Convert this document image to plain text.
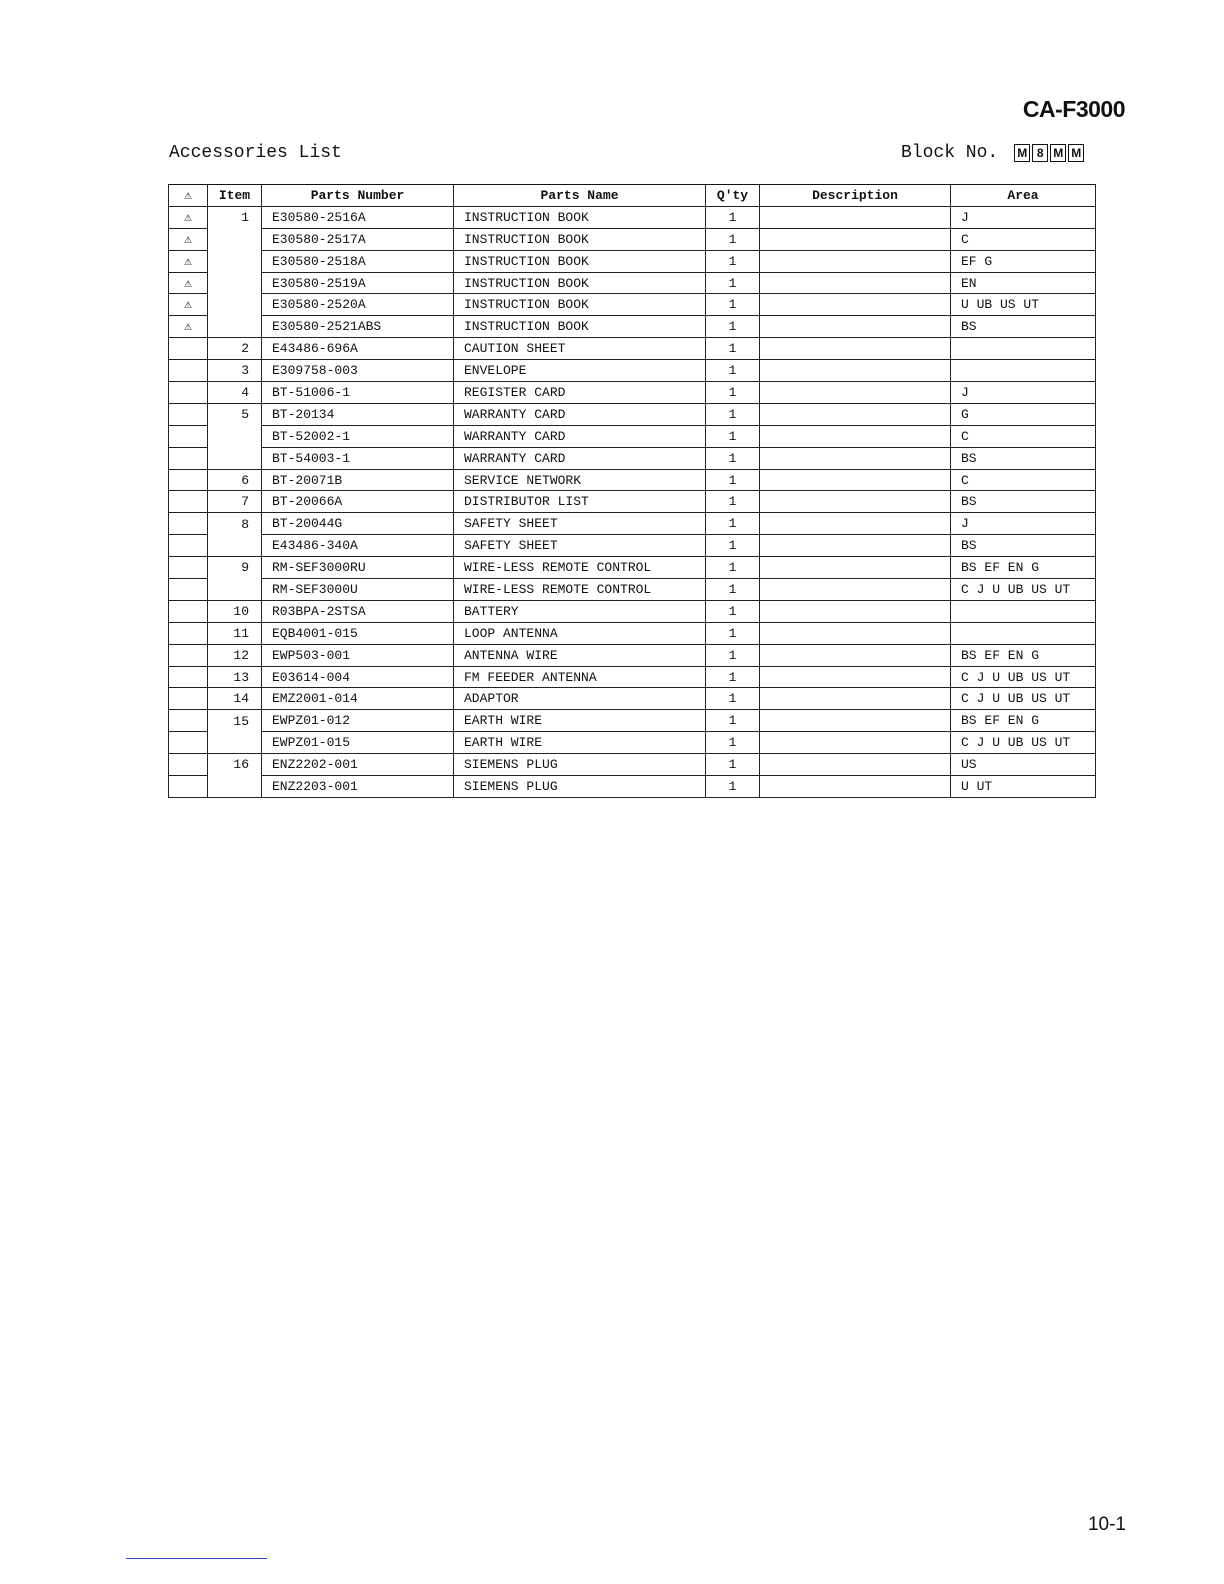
CA-F3000
Accessories List	Block No. M 8 M M
⚠	Item	Parts Number	Parts Name	Q'ty	Description	Area
⚠	1	E30580-2516A	INSTRUCTION BOOK	1		J
⚠		E30580-2517A	INSTRUCTION BOOK	1		C
⚠		E30580-2518A	INSTRUCTION BOOK	1		EF G
⚠		E30580-2519A	INSTRUCTION BOOK	1		EN
⚠		E30580-2520A	INSTRUCTION BOOK	1		U UB US UT
⚠		E30580-2521ABS	INSTRUCTION BOOK	1		BS
	2	E43486-696A	CAUTION SHEET	1		
	3	E309758-003	ENVELOPE	1		
	4	BT-51006-1	REGISTER CARD	1		J
	5	BT-20134	WARRANTY CARD	1		G
		BT-52002-1	WARRANTY CARD	1		C
		BT-54003-1	WARRANTY CARD	1		BS
	6	BT-20071B	SERVICE NETWORK	1		C
	7	BT-20066A	DISTRIBUTOR LIST	1		BS
	8	BT-20044G	SAFETY SHEET	1		J
		E43486-340A	SAFETY SHEET	1		BS
	9	RM-SEF3000RU	WIRE-LESS REMOTE CONTROL	1		BS EF EN G
		RM-SEF3000U	WIRE-LESS REMOTE CONTROL	1		C J U UB US UT
	10	R03BPA-2STSA	BATTERY	1		
	11	EQB4001-015	LOOP ANTENNA	1		
	12	EWP503-001	ANTENNA WIRE	1		BS EF EN G
	13	E03614-004	FM FEEDER ANTENNA	1		C J U UB US UT
	14	EMZ2001-014	ADAPTOR	1		C J U UB US UT
	15	EWPZ01-012	EARTH WIRE	1		BS EF EN G
		EWPZ01-015	EARTH WIRE	1		C J U UB US UT
	16	ENZ2202-001	SIEMENS PLUG	1		US
		ENZ2203-001	SIEMENS PLUG	1		U UT
10-1
